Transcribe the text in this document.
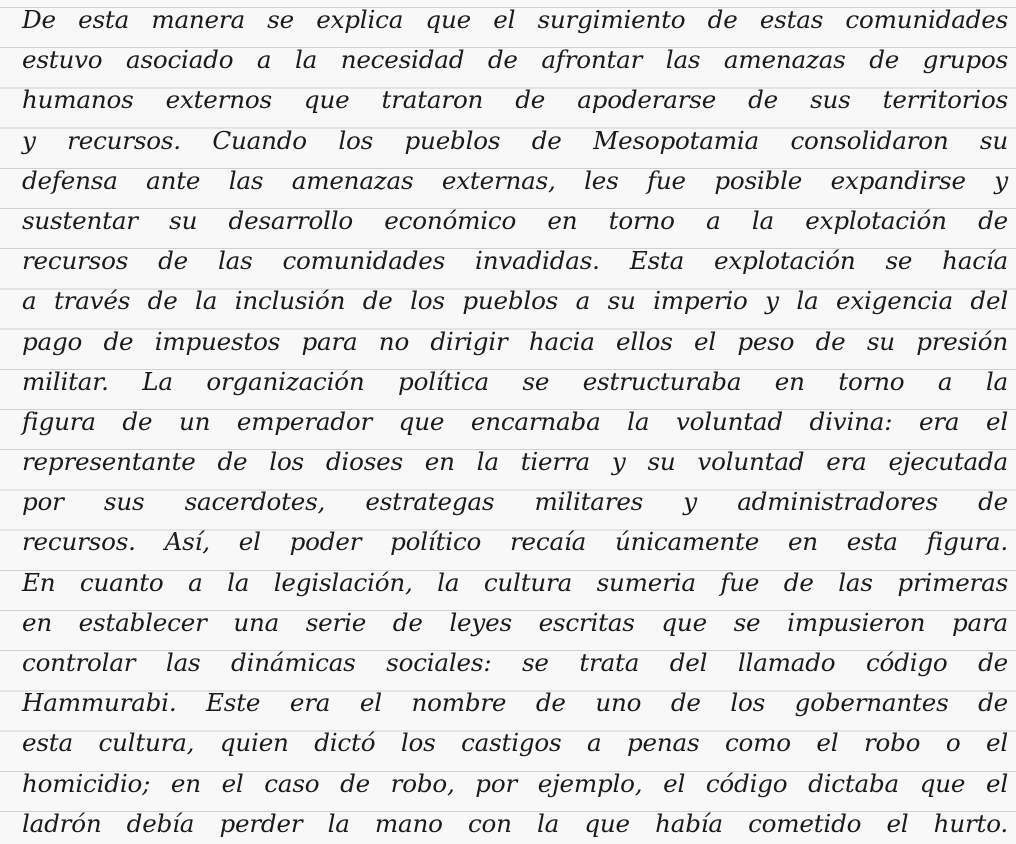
De esta manera se explica que el surgimiento de estas comunidades
estuvo asociado a la necesidad de afrontar las amenazas de grupos
humanos externos que trataron de apoderarse de sus territorios
y recursos. Cuando los pueblos de Mesopotamia consolidaron su
defensa ante las amenazas externas, les fue posible expandirse y
sustentar su desarrollo económico en torno a la explotación de
recursos de las comunidades invadidas. Esta explotación se hacía
a través de la inclusión de los pueblos a su imperio y la exigencia del
pago de impuestos para no dirigir hacia ellos el peso de su presión
militar. La organización política se estructuraba en torno a la
figura de un emperador que encarnaba la voluntad divina: era el
representante de los dioses en la tierra y su voluntad era ejecutada
por sus sacerdotes, estrategas militares y administradores de
recursos. Así, el poder político recaía únicamente en esta figura.
En cuanto a la legislación, la cultura sumeria fue de las primeras
en establecer una serie de leyes escritas que se impusieron para
controlar las dinámicas sociales: se trata del llamado código de
Hammurabi. Este era el nombre de uno de los gobernantes de
esta cultura, quien dictó los castigos a penas como el robo o el
homicidio; en el caso de robo, por ejemplo, el código dictaba que el
ladrón debía perder la mano con la que había cometido el hurto.
